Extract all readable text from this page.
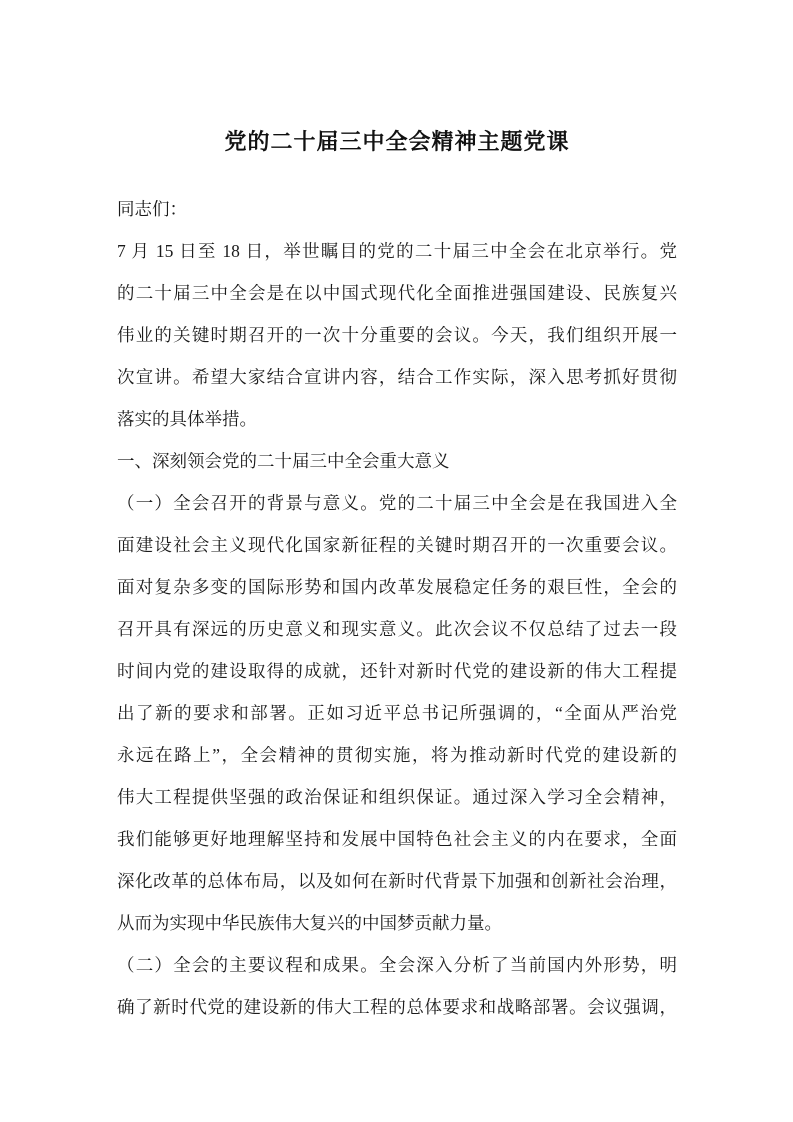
党的二十届三中全会精神主题党课
同志们：
7 月 15 日至 18 日，举世瞩目的党的二十届三中全会在北京举行。党
的二十届三中全会是在以中国式现代化全面推进强国建设、民族复兴
伟业的关键时期召开的一次十分重要的会议。今天，我们组织开展一
次宣讲。希望大家结合宣讲内容，结合工作实际，深入思考抓好贯彻
落实的具体举措。
一、深刻领会党的二十届三中全会重大意义
（一）全会召开的背景与意义。党的二十届三中全会是在我国进入全
面建设社会主义现代化国家新征程的关键时期召开的一次重要会议。
面对复杂多变的国际形势和国内改革发展稳定任务的艰巨性，全会的
召开具有深远的历史意义和现实意义。此次会议不仅总结了过去一段
时间内党的建设取得的成就，还针对新时代党的建设新的伟大工程提
出了新的要求和部署。正如习近平总书记所强调的，“全面从严治党
永远在路上”，全会精神的贯彻实施，将为推动新时代党的建设新的
伟大工程提供坚强的政治保证和组织保证。通过深入学习全会精神，
我们能够更好地理解坚持和发展中国特色社会主义的内在要求，全面
深化改革的总体布局，以及如何在新时代背景下加强和创新社会治理，
从而为实现中华民族伟大复兴的中国梦贡献力量。
（二）全会的主要议程和成果。全会深入分析了当前国内外形势，明
确了新时代党的建设新的伟大工程的总体要求和战略部署。会议强调，
